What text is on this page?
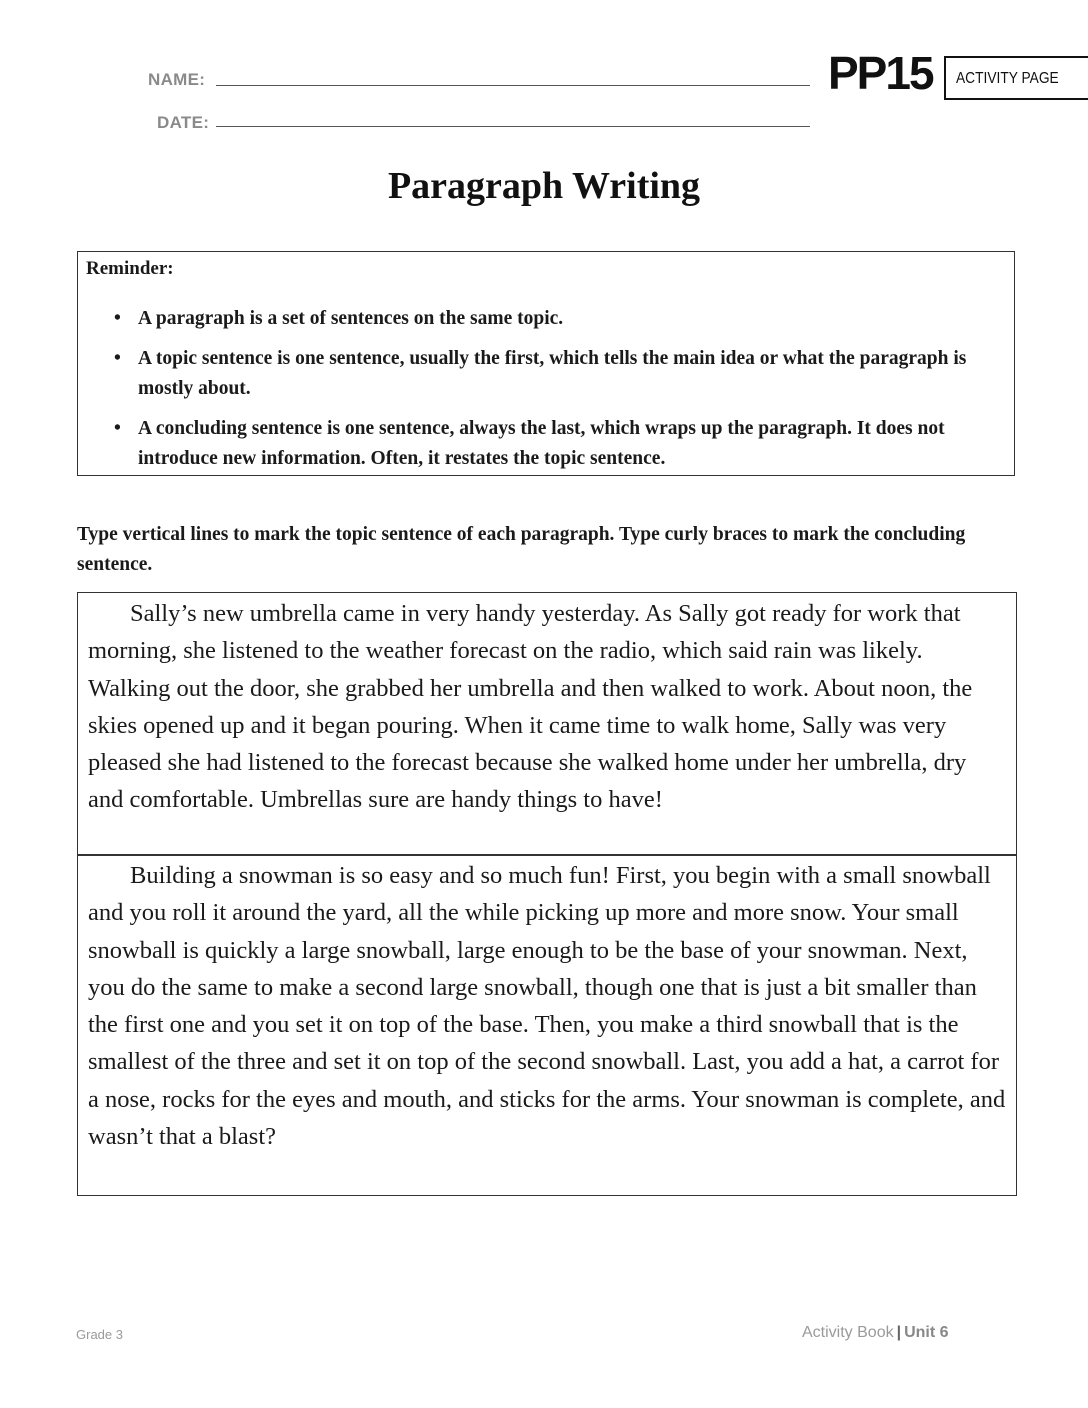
NAME:
DATE:
PP15 ACTIVITY PAGE
Paragraph Writing
Reminder:
• A paragraph is a set of sentences on the same topic.
• A topic sentence is one sentence, usually the first, which tells the main idea or what the paragraph is mostly about.
• A concluding sentence is one sentence, always the last, which wraps up the paragraph. It does not introduce new information. Often, it restates the topic sentence.
Type vertical lines to mark the topic sentence of each paragraph. Type curly braces to mark the concluding sentence.

Sally’s new umbrella came in very handy yesterday. As Sally got ready for work that morning, she listened to the weather forecast on the radio, which said rain was likely. Walking out the door, she grabbed her umbrella and then walked to work. About noon, the skies opened up and it began pouring. When it came time to walk home, Sally was very pleased she had listened to the forecast because she walked home under her umbrella, dry and comfortable. Umbrellas sure are handy things to have!

Building a snowman is so easy and so much fun! First, you begin with a small snowball and you roll it around the yard, all the while picking up more and more snow. Your small snowball is quickly a large snowball, large enough to be the base of your snowman. Next, you do the same to make a second large snowball, though one that is just a bit smaller than the first one and you set it on top of the base. Then, you make a third snowball that is the smallest of the three and set it on top of the second snowball. Last, you add a hat, a carrot for a nose, rocks for the eyes and mouth, and sticks for the arms. Your snowman is complete, and wasn’t that a blast?

Grade 3	Activity Book | Unit 6
